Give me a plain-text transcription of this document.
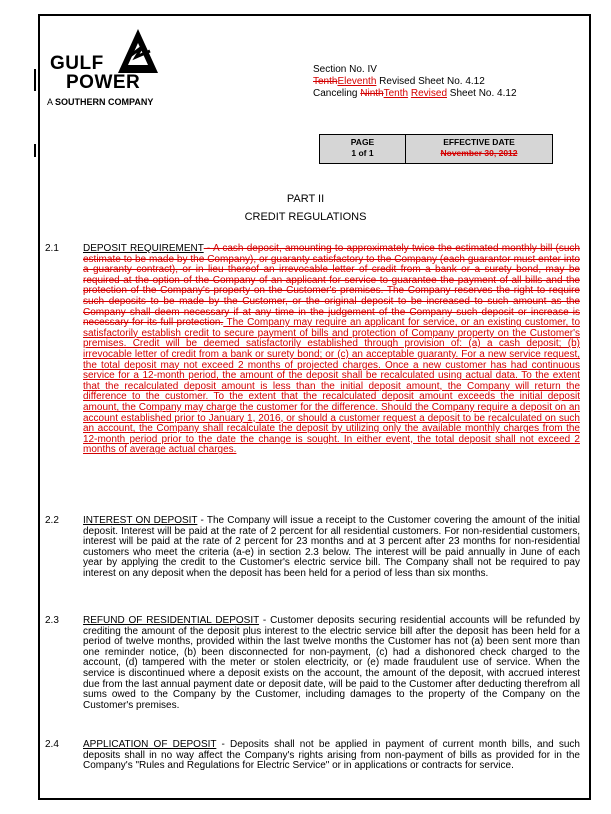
GULF
POWER
A SOUTHERN COMPANY
Section No. IV
TenthEleventh Revised Sheet No. 4.12
Canceling NinthTenth Revised Sheet No. 4.12
PAGE
1 of 1
EFFECTIVE DATE
November 30, 2012
PART II
CREDIT REGULATIONS
2.1 DEPOSIT REQUIREMENT - A cash deposit, amounting to approximately twice the estimated monthly bill (such estimate to be made by the Company), or guaranty satisfactory to the Company (each guarantor must enter into a guaranty contract), or in lieu thereof an irrevocable letter of credit from a bank or a surety bond, may be required at the option of the Company of an applicant for service to guarantee the payment of all bills and the protection of the Company's property on the Customer's premises. The Company reserves the right to require such deposits to be made by the Customer, or the original deposit to be increased to such amount as the Company shall deem necessary if at any time in the judgement of the Company such deposit or increase is necessary for its full protection. The Company may require an applicant for service, or an existing customer, to satisfactorily establish credit to secure payment of bills and protection of Company property on the Customer's premises. Credit will be deemed satisfactorily established through provision of: (a) a cash deposit; (b) irrevocable letter of credit from a bank or surety bond; or (c) an acceptable guaranty. For a new service request, the total deposit may not exceed 2 months of projected charges. Once a new customer has had continuous service for a 12-month period, the amount of the deposit shall be recalculated using actual data. To the extent that the recalculated deposit amount is less than the initial deposit amount, the Company will return the difference to the customer. To the extent that the recalculated deposit amount exceeds the initial deposit amount, the Company may charge the customer for the difference. Should the Company require a deposit on an account established prior to January 1, 2016, or should a customer request a deposit to be recalculated on such an account, the Company shall recalculate the deposit by utilizing only the available monthly charges from the 12-month period prior to the date the change is sought. In either event, the total deposit shall not exceed 2 months of average actual charges.
2.2 INTEREST ON DEPOSIT - The Company will issue a receipt to the Customer covering the amount of the initial deposit. Interest will be paid at the rate of 2 percent for all residential customers. For non-residential customers, interest will be paid at the rate of 2 percent for 23 months and at 3 percent after 23 months for non-residential customers who meet the criteria (a-e) in section 2.3 below. The interest will be paid annually in June of each year by applying the credit to the Customer's electric service bill. The Company shall not be required to pay interest on any deposit when the deposit has been held for a period of less than six months.
2.3 REFUND OF RESIDENTIAL DEPOSIT - Customer deposits securing residential accounts will be refunded by crediting the amount of the deposit plus interest to the electric service bill after the deposit has been held for a period of twelve months, provided within the last twelve months the Customer has not (a) been sent more than one reminder notice, (b) been disconnected for non-payment, (c) had a dishonored check charged to the account, (d) tampered with the meter or stolen electricity, or (e) made fraudulent use of service. When the service is discontinued where a deposit exists on the account, the amount of the deposit, with accrued interest due from the last annual payment date or deposit date, will be paid to the Customer after deducting therefrom all sums owed to the Company by the Customer, including damages to the property of the Company on the Customer's premises.
2.4 APPLICATION OF DEPOSIT - Deposits shall not be applied in payment of current month bills, and such deposits shall in no way affect the Company's rights arising from non-payment of bills as provided for in the Company's "Rules and Regulations for Electric Service" or in applications or contracts for service.
